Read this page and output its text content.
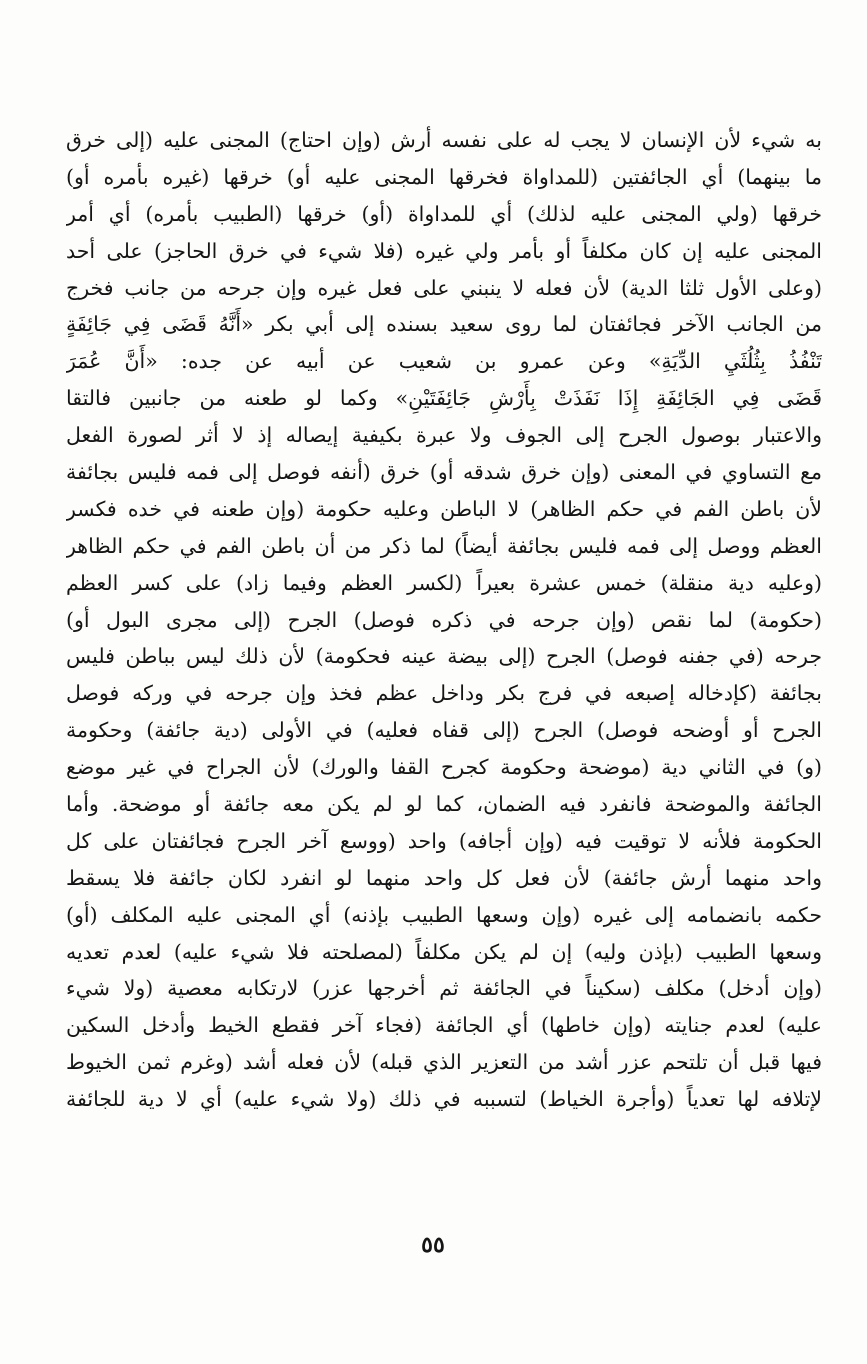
به شيء لأن الإنسان لا يجب له على نفسه أرش (وإن احتاج) المجنى عليه (إلى خرق
ما بينهما) أي الجائفتين (للمداواة فخرقها المجنى عليه أو) خرقها (غيره بأمره أو)
خرقها (ولي المجنى عليه لذلك) أي للمداواة (أو) خرقها (الطبيب بأمره) أي أمر
المجنى عليه إن كان مكلفاً أو بأمر ولي غيره (فلا شيء في خرق الحاجز) على أحد
(وعلى الأول ثلثا الدية) لأن فعله لا ينبني على فعل غيره وإن جرحه من جانب فخرج
من الجانب الآخر فجائفتان لما روى سعيد بسنده إلى أبي بكر «أَنَّهُ قَضَى فِي جَائِفَةٍ
تَنْفُذُ بِثُلُثَيِ الدِّيَةِ» وعن عمرو بن شعيب عن أبيه عن جده: «أَنَّ عُمَرَ
قَضَى فِي الجَائِفَةِ إِذَا نَفَذَتْ بِأَرْشِ جَائِفَتَيْنِ» وكما لو طعنه من جانبين فالتقا
والاعتبار بوصول الجرح إلى الجوف ولا عبرة بكيفية إيصاله إذ لا أثر لصورة الفعل
مع التساوي في المعنى (وإن خرق شدقه أو) خرق (أنفه فوصل إلى فمه فليس بجائفة
لأن باطن الفم في حكم الظاهر) لا الباطن وعليه حكومة (وإن طعنه في خده فكسر
العظم ووصل إلى فمه فليس بجائفة أيضاً) لما ذكر من أن باطن الفم في حكم الظاهر
(وعليه دية منقلة) خمس عشرة بعيراً (لكسر العظم وفيما زاد) على كسر العظم
(حكومة) لما نقص (وإن جرحه في ذكره فوصل) الجرح (إلى مجرى البول أو)
جرحه (في جفنه فوصل) الجرح (إلى بيضة عينه فحكومة) لأن ذلك ليس بباطن فليس
بجائفة (كإدخاله إصبعه في فرج بكر وداخل عظم فخذ وإن جرحه في وركه فوصل
الجرح أو أوضحه فوصل) الجرح (إلى قفاه فعليه) في الأولى (دية جائفة) وحكومة
(و) في الثاني دية (موضحة وحكومة كجرح القفا والورك) لأن الجراح في غير موضع
الجائفة والموضحة فانفرد فيه الضمان، كما لو لم يكن معه جائفة أو موضحة. وأما
الحكومة فلأنه لا توقيت فيه (وإن أجافه) واحد (ووسع آخر الجرح فجائفتان على كل
واحد منهما أرش جائفة) لأن فعل كل واحد منهما لو انفرد لكان جائفة فلا يسقط
حكمه بانضمامه إلى غيره (وإن وسعها الطبيب بإذنه) أي المجنى عليه المكلف (أو)
وسعها الطبيب (بإذن وليه) إن لم يكن مكلفاً (لمصلحته فلا شيء عليه) لعدم تعديه
(وإن أدخل) مكلف (سكيناً في الجائفة ثم أخرجها عزر) لارتكابه معصية (ولا شيء
عليه) لعدم جنايته (وإن خاطها) أي الجائفة (فجاء آخر فقطع الخيط وأدخل السكين
فيها قبل أن تلتحم عزر أشد من التعزير الذي قبله) لأن فعله أشد (وغرم ثمن الخيوط
لإتلافه لها تعدياً (وأجرة الخياط) لتسببه في ذلك (ولا شيء عليه) أي لا دية للجائفة
٥٥
